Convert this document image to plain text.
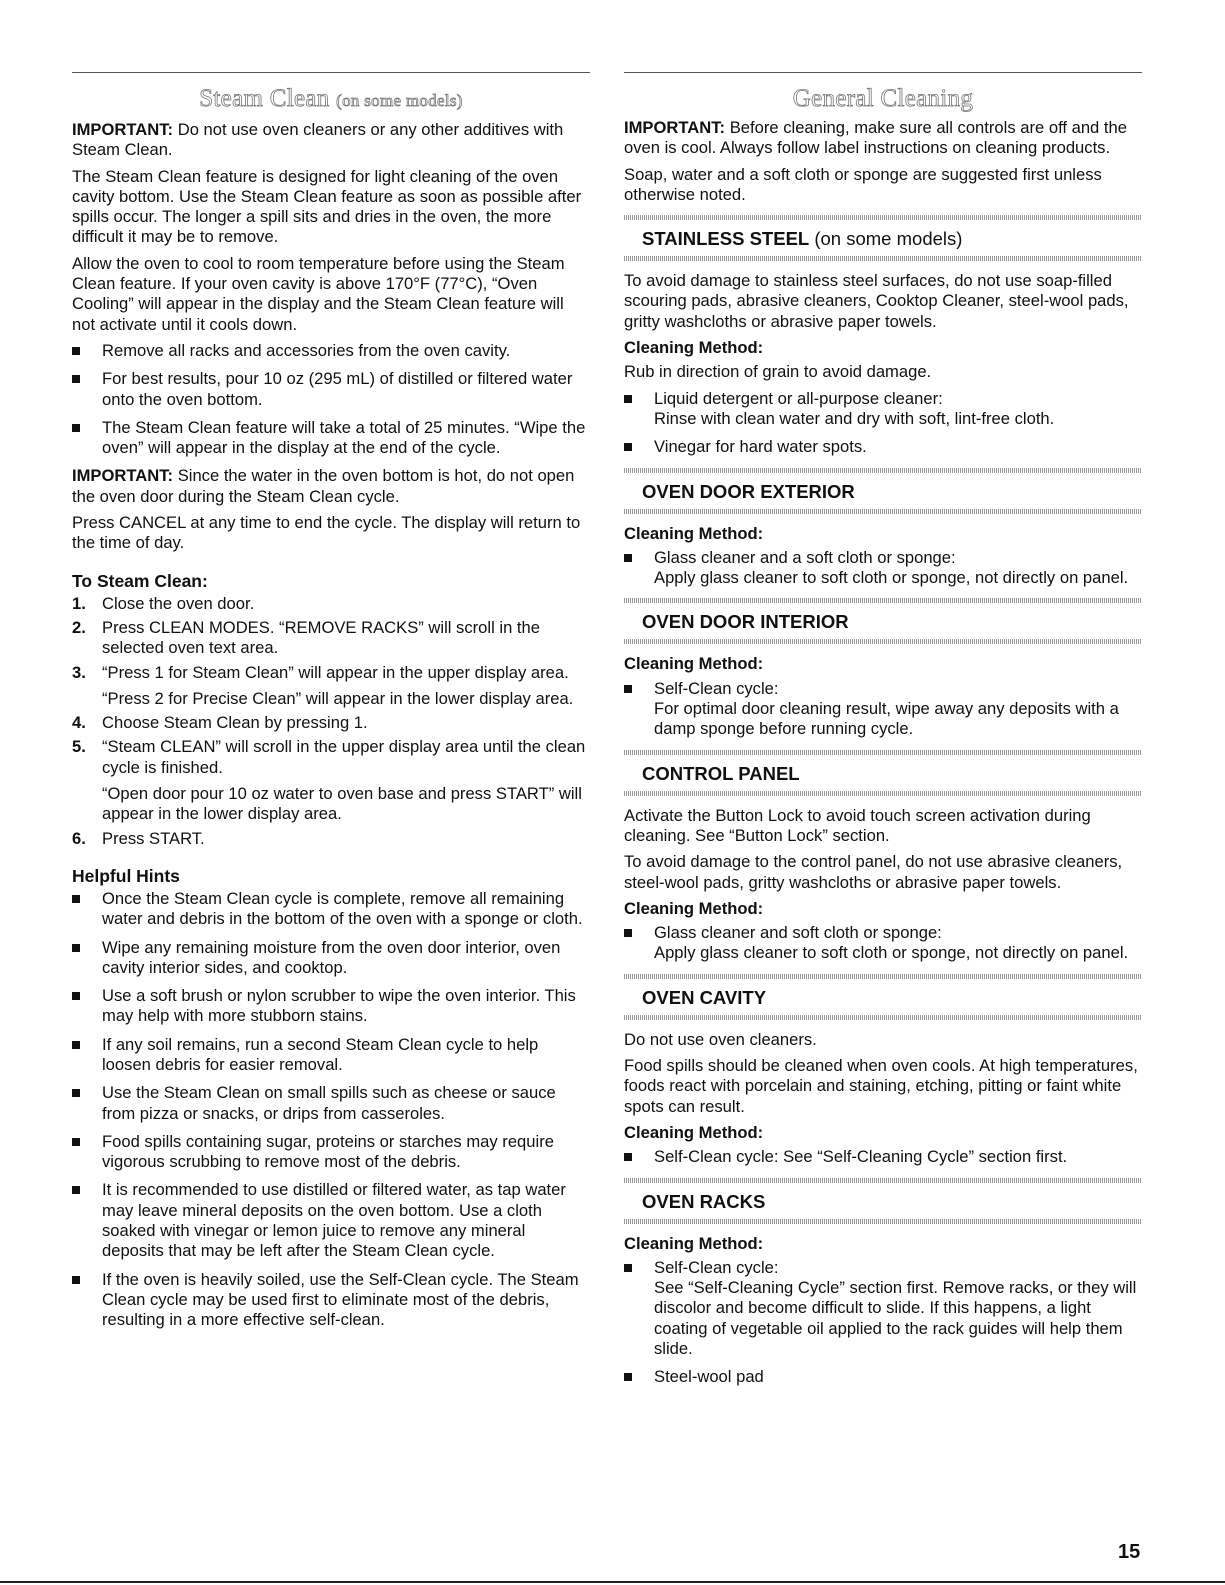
Steam Clean (on some models)

IMPORTANT: Do not use oven cleaners or any other additives with Steam Clean.

The Steam Clean feature is designed for light cleaning of the oven cavity bottom. Use the Steam Clean feature as soon as possible after spills occur. The longer a spill sits and dries in the oven, the more difficult it may be to remove.

Allow the oven to cool to room temperature before using the Steam Clean feature. If your oven cavity is above 170°F (77°C), “Oven Cooling” will appear in the display and the Steam Clean feature will not activate until it cools down.

Remove all racks and accessories from the oven cavity.
For best results, pour 10 oz (295 mL) of distilled or filtered water onto the oven bottom.
The Steam Clean feature will take a total of 25 minutes. “Wipe the oven” will appear in the display at the end of the cycle.

IMPORTANT: Since the water in the oven bottom is hot, do not open the oven door during the Steam Clean cycle.

Press CANCEL at any time to end the cycle. The display will return to the time of day.

To Steam Clean:
1. Close the oven door.
2. Press CLEAN MODES. “REMOVE RACKS” will scroll in the selected oven text area.
3. “Press 1 for Steam Clean” will appear in the upper display area.
“Press 2 for Precise Clean” will appear in the lower display area.
4. Choose Steam Clean by pressing 1.
5. “Steam CLEAN” will scroll in the upper display area until the clean cycle is finished.
“Open door pour 10 oz water to oven base and press START” will appear in the lower display area.
6. Press START.
Helpful Hints
Once the Steam Clean cycle is complete, remove all remaining water and debris in the bottom of the oven with a sponge or cloth.
Wipe any remaining moisture from the oven door interior, oven cavity interior sides, and cooktop.
Use a soft brush or nylon scrubber to wipe the oven interior. This may help with more stubborn stains.
If any soil remains, run a second Steam Clean cycle to help loosen debris for easier removal.
Use the Steam Clean on small spills such as cheese or sauce from pizza or snacks, or drips from casseroles.
Food spills containing sugar, proteins or starches may require vigorous scrubbing to remove most of the debris.
It is recommended to use distilled or filtered water, as tap water may leave mineral deposits on the oven bottom. Use a cloth soaked with vinegar or lemon juice to remove any mineral deposits that may be left after the Steam Clean cycle.
If the oven is heavily soiled, use the Self-Clean cycle. The Steam Clean cycle may be used first to eliminate most of the debris, resulting in a more effective self-clean.
General Cleaning

IMPORTANT: Before cleaning, make sure all controls are off and the oven is cool. Always follow label instructions on cleaning products.

Soap, water and a soft cloth or sponge are suggested first unless otherwise noted.

STAINLESS STEEL (on some models)

To avoid damage to stainless steel surfaces, do not use soap-filled scouring pads, abrasive cleaners, Cooktop Cleaner, steel-wool pads, gritty washcloths or abrasive paper towels.

Cleaning Method:

Rub in direction of grain to avoid damage.

Liquid detergent or all-purpose cleaner:
Rinse with clean water and dry with soft, lint-free cloth.
Vinegar for hard water spots.
OVEN DOOR EXTERIOR
Cleaning Method:
Glass cleaner and a soft cloth or sponge:
Apply glass cleaner to soft cloth or sponge, not directly on panel.
OVEN DOOR INTERIOR
Cleaning Method:
Self-Clean cycle:
For optimal door cleaning result, wipe away any deposits with a damp sponge before running cycle.
CONTROL PANEL

Activate the Button Lock to avoid touch screen activation during cleaning. See “Button Lock” section.

To avoid damage to the control panel, do not use abrasive cleaners, steel-wool pads, gritty washcloths or abrasive paper towels.

Cleaning Method:
Glass cleaner and soft cloth or sponge:
Apply glass cleaner to soft cloth or sponge, not directly on panel.
OVEN CAVITY

Do not use oven cleaners.

Food spills should be cleaned when oven cools. At high temperatures, foods react with porcelain and staining, etching, pitting or faint white spots can result.

Cleaning Method:
Self-Clean cycle: See “Self-Cleaning Cycle” section first.
OVEN RACKS
Cleaning Method:
Self-Clean cycle:
See “Self-Cleaning Cycle” section first. Remove racks, or they will discolor and become difficult to slide. If this happens, a light coating of vegetable oil applied to the rack guides will help them slide.
Steel-wool pad
15
